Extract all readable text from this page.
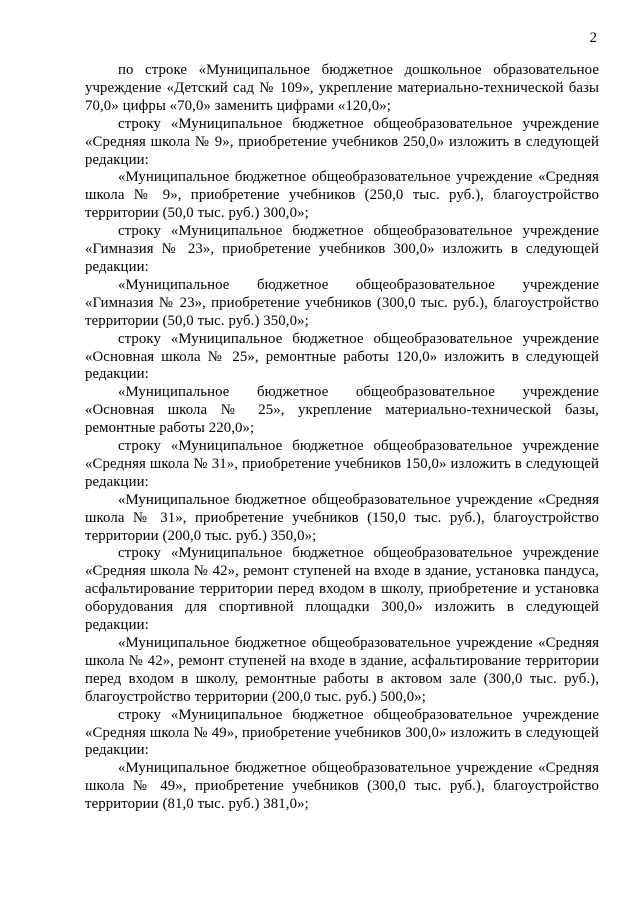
2

по строке «Муниципальное бюджетное дошкольное образовательное учреждение «Детский сад № 109», укрепление материально-технической базы 70,0» цифры «70,0» заменить цифрами «120,0»;

строку «Муниципальное бюджетное общеобразовательное учреждение «Средняя школа № 9», приобретение учебников 250,0» изложить в следующей редакции:

«Муниципальное бюджетное общеобразовательное учреждение «Средняя школа № 9», приобретение учебников (250,0 тыс. руб.), благоустройство территории (50,0 тыс. руб.) 300,0»;

строку «Муниципальное бюджетное общеобразовательное учреждение «Гимназия № 23», приобретение учебников 300,0» изложить в следующей редакции:

«Муниципальное бюджетное общеобразовательное учреждение «Гимназия № 23», приобретение учебников (300,0 тыс. руб.), благоустройство территории (50,0 тыс. руб.) 350,0»;

строку «Муниципальное бюджетное общеобразовательное учреждение «Основная школа № 25», ремонтные работы 120,0» изложить в следующей редакции:

«Муниципальное бюджетное общеобразовательное учреждение «Основная школа № 25», укрепление материально-технической базы, ремонтные работы 220,0»;

строку «Муниципальное бюджетное общеобразовательное учреждение «Средняя школа № 31», приобретение учебников 150,0» изложить в следующей редакции:

«Муниципальное бюджетное общеобразовательное учреждение «Средняя школа № 31», приобретение учебников (150,0 тыс. руб.), благоустройство территории (200,0 тыс. руб.) 350,0»;

строку «Муниципальное бюджетное общеобразовательное учреждение «Средняя школа № 42», ремонт ступеней на входе в здание, установка пандуса, асфальтирование территории перед входом в школу, приобретение и установка оборудования для спортивной площадки 300,0» изложить в следующей редакции:

«Муниципальное бюджетное общеобразовательное учреждение «Средняя школа № 42», ремонт ступеней на входе в здание, асфальтирование территории перед входом в школу, ремонтные работы в актовом зале (300,0 тыс. руб.), благоустройство территории (200,0 тыс. руб.) 500,0»;

строку «Муниципальное бюджетное общеобразовательное учреждение «Средняя школа № 49», приобретение учебников 300,0» изложить в следующей редакции:

«Муниципальное бюджетное общеобразовательное учреждение «Средняя школа № 49», приобретение учебников (300,0 тыс. руб.), благоустройство территории (81,0 тыс. руб.) 381,0»;
